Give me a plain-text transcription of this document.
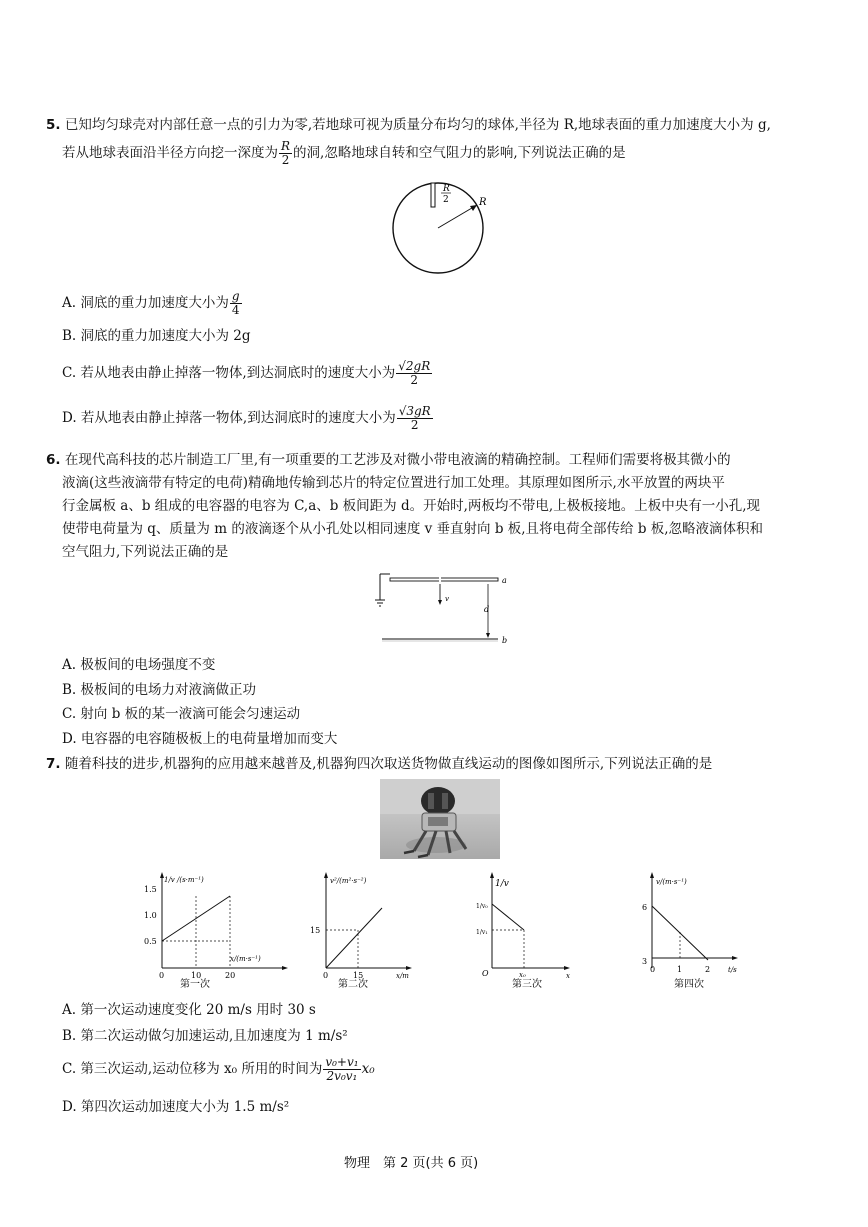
5. 已知均匀球壳对内部任意一点的引力为零,若地球可视为质量分布均匀的球体,半径为 R,地球表面的重力加速度大小为 g,
若从地球表面沿半径方向挖一深度为 $\frac{R}{2}$ 的洞,忽略地球自转和空气阻力的影响,下列说法正确的是
R
2	R
A. 洞底的重力加速度大小为 $\frac{g}{4}$
B. 洞底的重力加速度大小为 2g
C. 若从地表由静止掉落一物体,到达洞底时的速度大小为 $\frac{√2gR}{2}$
D. 若从地表由静止掉落一物体,到达洞底时的速度大小为 $\frac{√3gR}{2}$
6. 在现代高科技的芯片制造工厂里,有一项重要的工艺涉及对微小带电液滴的精确控制。工程师们需要将极其微小的
液滴(这些液滴带有特定的电荷)精确地传输到芯片的特定位置进行加工处理。其原理如图所示,水平放置的两块平
行金属板 a、b 组成的电容器的电容为 C,a、b 板间距为 d。开始时,两板均不带电,上极板接地。上板中央有一小孔,现
使带电荷量为 q、质量为 m 的液滴逐个从小孔处以相同速度 v 垂直射向 b 板,且将电荷全部传给 b 板,忽略液滴体积和
空气阻力,下列说法正确的是
v
a
d
b
A. 极板间的电场强度不变
B. 极板间的电场力对液滴做正功
C. 射向 b 板的某一液滴可能会匀速运动
D. 电容器的电容随极板上的电荷量增加而变大
7. 随着科技的进步,机器狗的应用越来越普及,机器狗四次取送货物做直线运动的图像如图所示,下列说法正确的是
1/v /(s·m⁻¹)
x/(m·s⁻¹)
1.5
1.0
0.5
0	10	20
第一次
v²/(m²·s⁻²)
x/m
15
0	15
第二次
1/v
1/v₀
1/v₁
O	x₀	x
第三次
v/(m·s⁻¹)
t/s
6
3
0	1	2
第四次
A. 第一次运动速度变化 20 m/s 用时 30 s
B. 第二次运动做匀加速运动,且加速度为 1 m/s²
C. 第三次运动,运动位移为 x₀ 所用的时间为 $\frac{\text{v₀+v₁}}{\text{2v₀v₁}} x_0$
D. 第四次运动加速度大小为 1.5 m/s²
物理　第 2 页(共 6 页)
